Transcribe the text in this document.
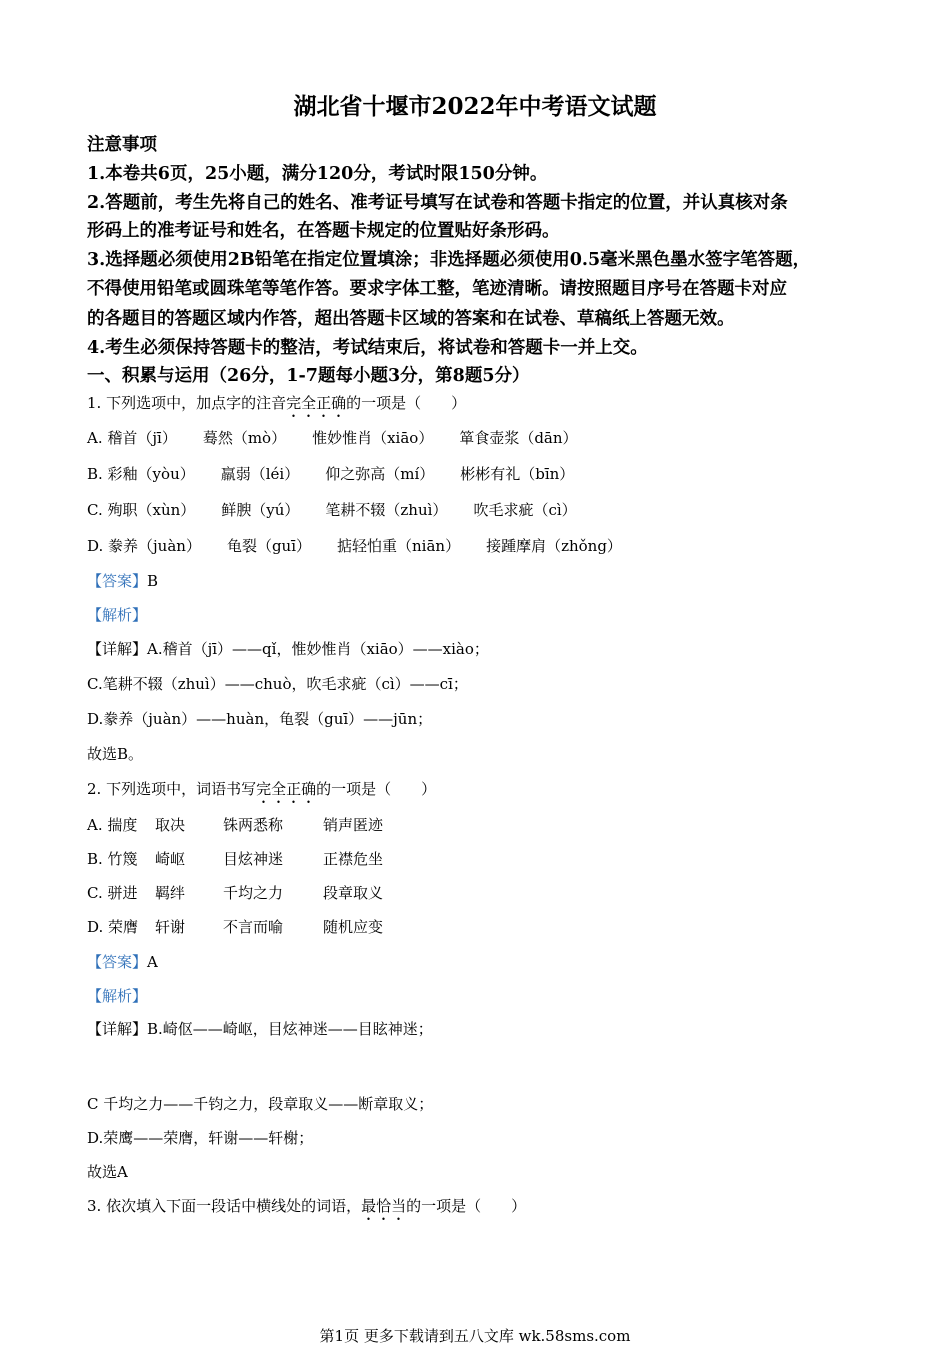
湖北省十堰市2022年中考语文试题
注意事项
1.本卷共6页，25小题，满分120分，考试时限150分钟。
2.答题前，考生先将自己的姓名、准考证号填写在试卷和答题卡指定的位置，并认真核对条
形码上的准考证号和姓名，在答题卡规定的位置贴好条形码。
3.选择题必须使用2B铅笔在指定位置填涂；非选择题必须使用0.5毫米黑色墨水签字笔答题，
不得使用铅笔或圆珠笔等笔作答。要求字体工整，笔迹清晰。请按照题目序号在答题卡对应
的各题目的答题区域内作答，超出答题卡区域的答案和在试卷、草稿纸上答题无效。
4.考生必须保持答题卡的整洁，考试结束后，将试卷和答题卡一并上交。
一、积累与运用（26分，1-7题每小题3分，第8题5分）
1. 下列选项中，加点字的注音完全正确的一项是（　　）
A. 稽首（jī） 蓦然（mò） 惟妙惟肖（xiāo） 箪食壶浆（dān）
B. 彩釉（yòu） 羸弱（léi） 仰之弥高（mí） 彬彬有礼（bīn）
C. 殉职（xùn） 鲜腴（yú） 笔耕不辍（zhuì） 吹毛求疵（cì）
D. 豢养（juàn） 龟裂（guī） 掂轻怕重（niān） 接踵摩肩（zhǒng）
【答案】B
【解析】
【详解】A.稽首（jī）——qǐ，惟妙惟肖（xiāo）——xiào；
C.笔耕不辍（zhuì）——chuò，吹毛求疵（cì）——cī；
D.豢养（juàn）——huàn，龟裂（guī）——jūn；
故选B。
2. 下列选项中，词语书写完全正确的一项是（　　）
A. 揣度 取决	铢两悉称	销声匿迹
B. 竹篾 崎岖	目炫神迷	正襟危坐
C. 骈进 羁绊	千均之力	段章取义
D. 荣膺 轩谢	不言而喻	随机应变
【答案】A
【解析】
【详解】B.崎伛——崎岖，目炫神迷——目眩神迷；
C 千均之力——千钧之力，段章取义——断章取义；
D.荣鹰——荣膺，轩谢——轩榭；
故选A
3. 依次填入下面一段话中横线处的词语，最恰当的一项是（　　）
第1页 更多下载请到五八文库 wk.58sms.com
